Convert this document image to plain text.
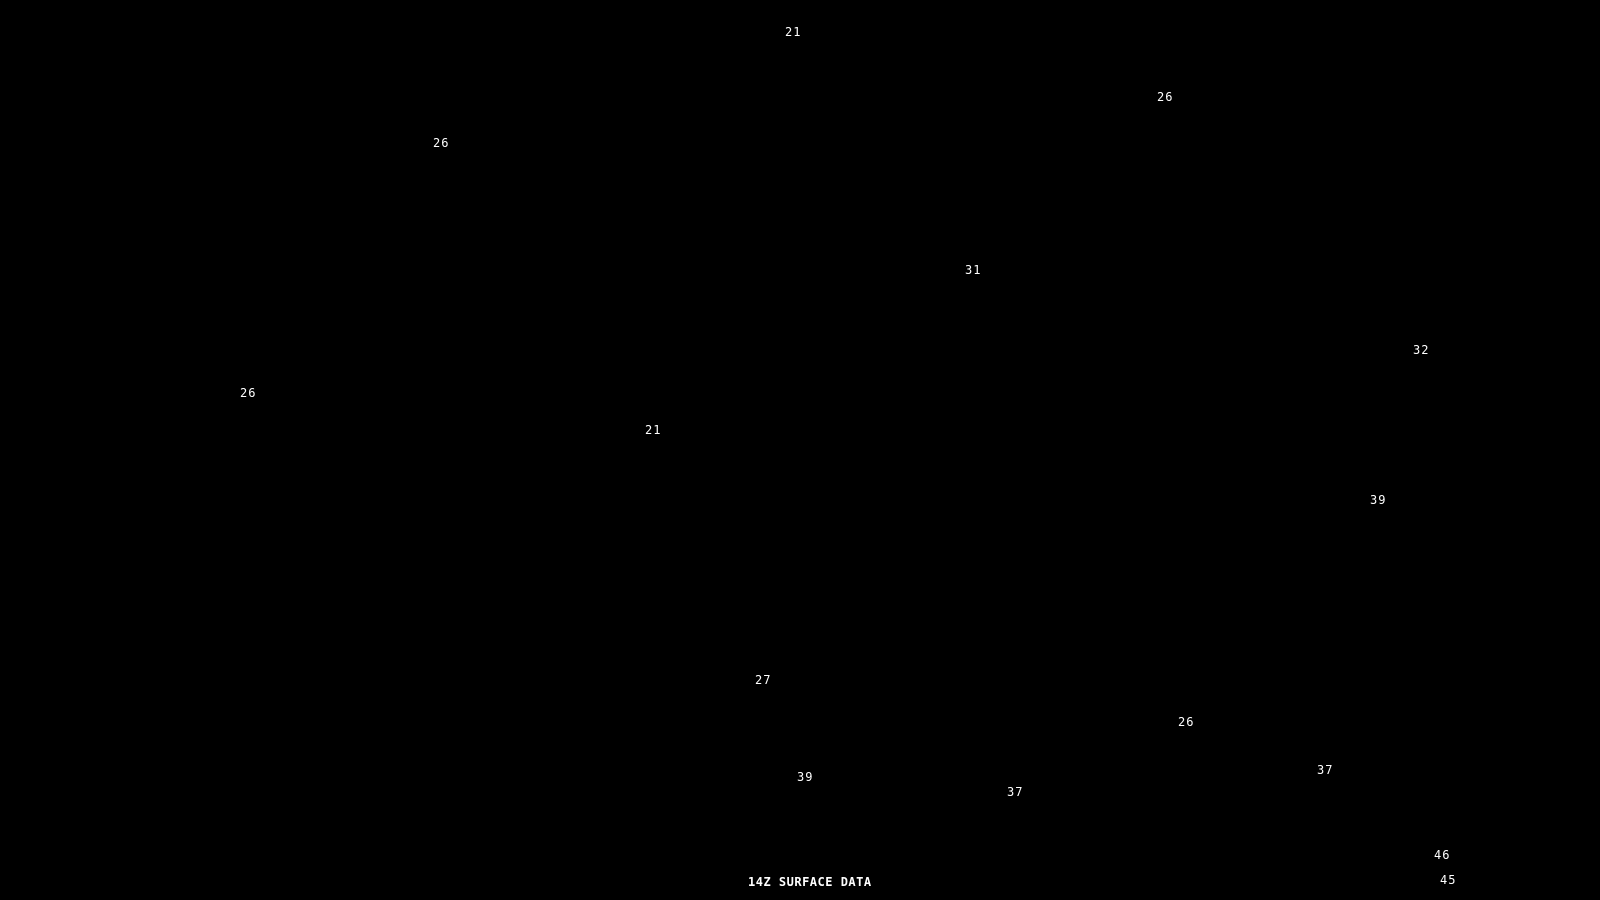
14Z SURFACE DATA
21
26
26
31
32
26
21
39
27
26
39	37
37
46
45
